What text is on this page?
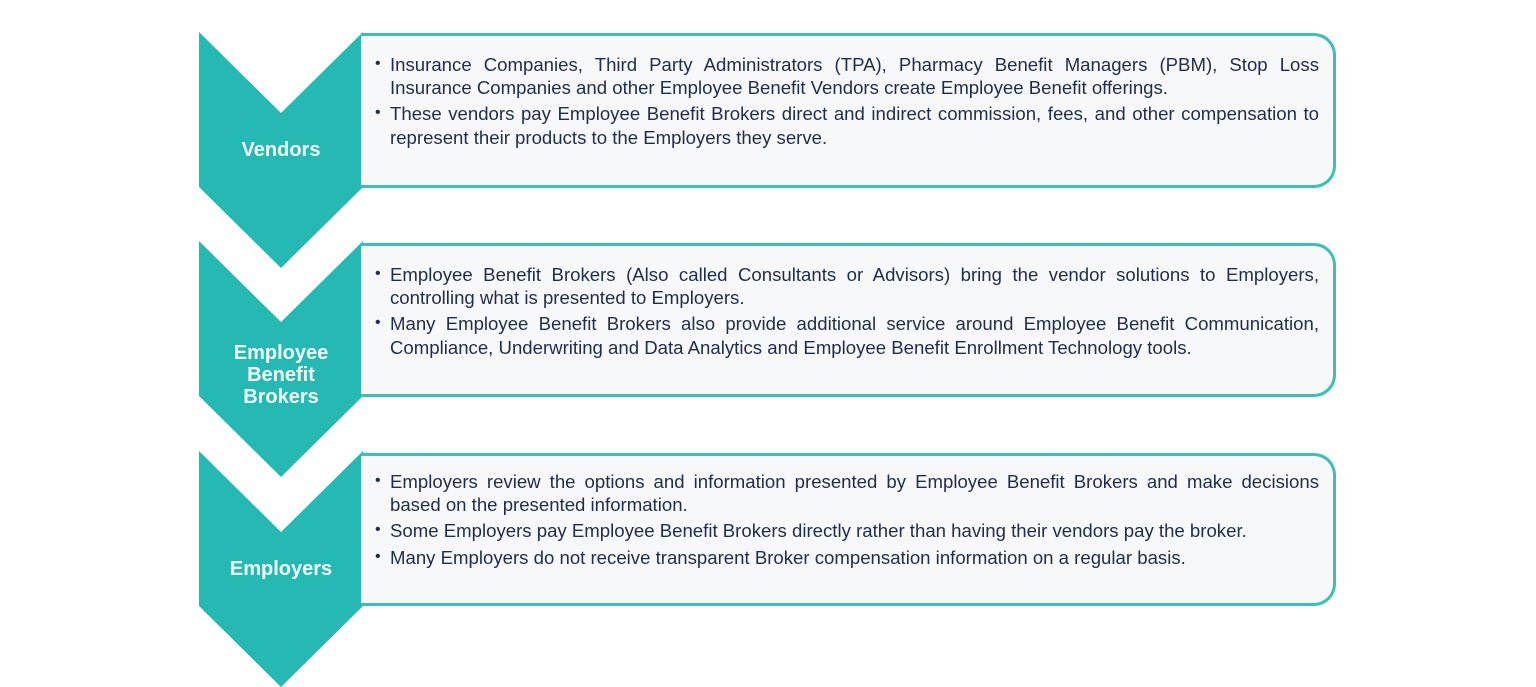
Vendors
• Insurance Companies, Third Party Administrators (TPA), Pharmacy Benefit Managers (PBM), Stop Loss Insurance Companies and other Employee Benefit Vendors create Employee Benefit offerings.
• These vendors pay Employee Benefit Brokers direct and indirect commission, fees, and other compensation to represent their products to the Employers they serve.
Employee
Benefit
Brokers
• Employee Benefit Brokers (Also called Consultants or Advisors) bring the vendor solutions to Employers, controlling what is presented to Employers.
• Many Employee Benefit Brokers also provide additional service around Employee Benefit Communication, Compliance, Underwriting and Data Analytics and Employee Benefit Enrollment Technology tools.
Employers
• Employers review the options and information presented by Employee Benefit Brokers and make decisions based on the presented information.
• Some Employers pay Employee Benefit Brokers directly rather than having their vendors pay the broker.
• Many Employers do not receive transparent Broker compensation information on a regular basis.
